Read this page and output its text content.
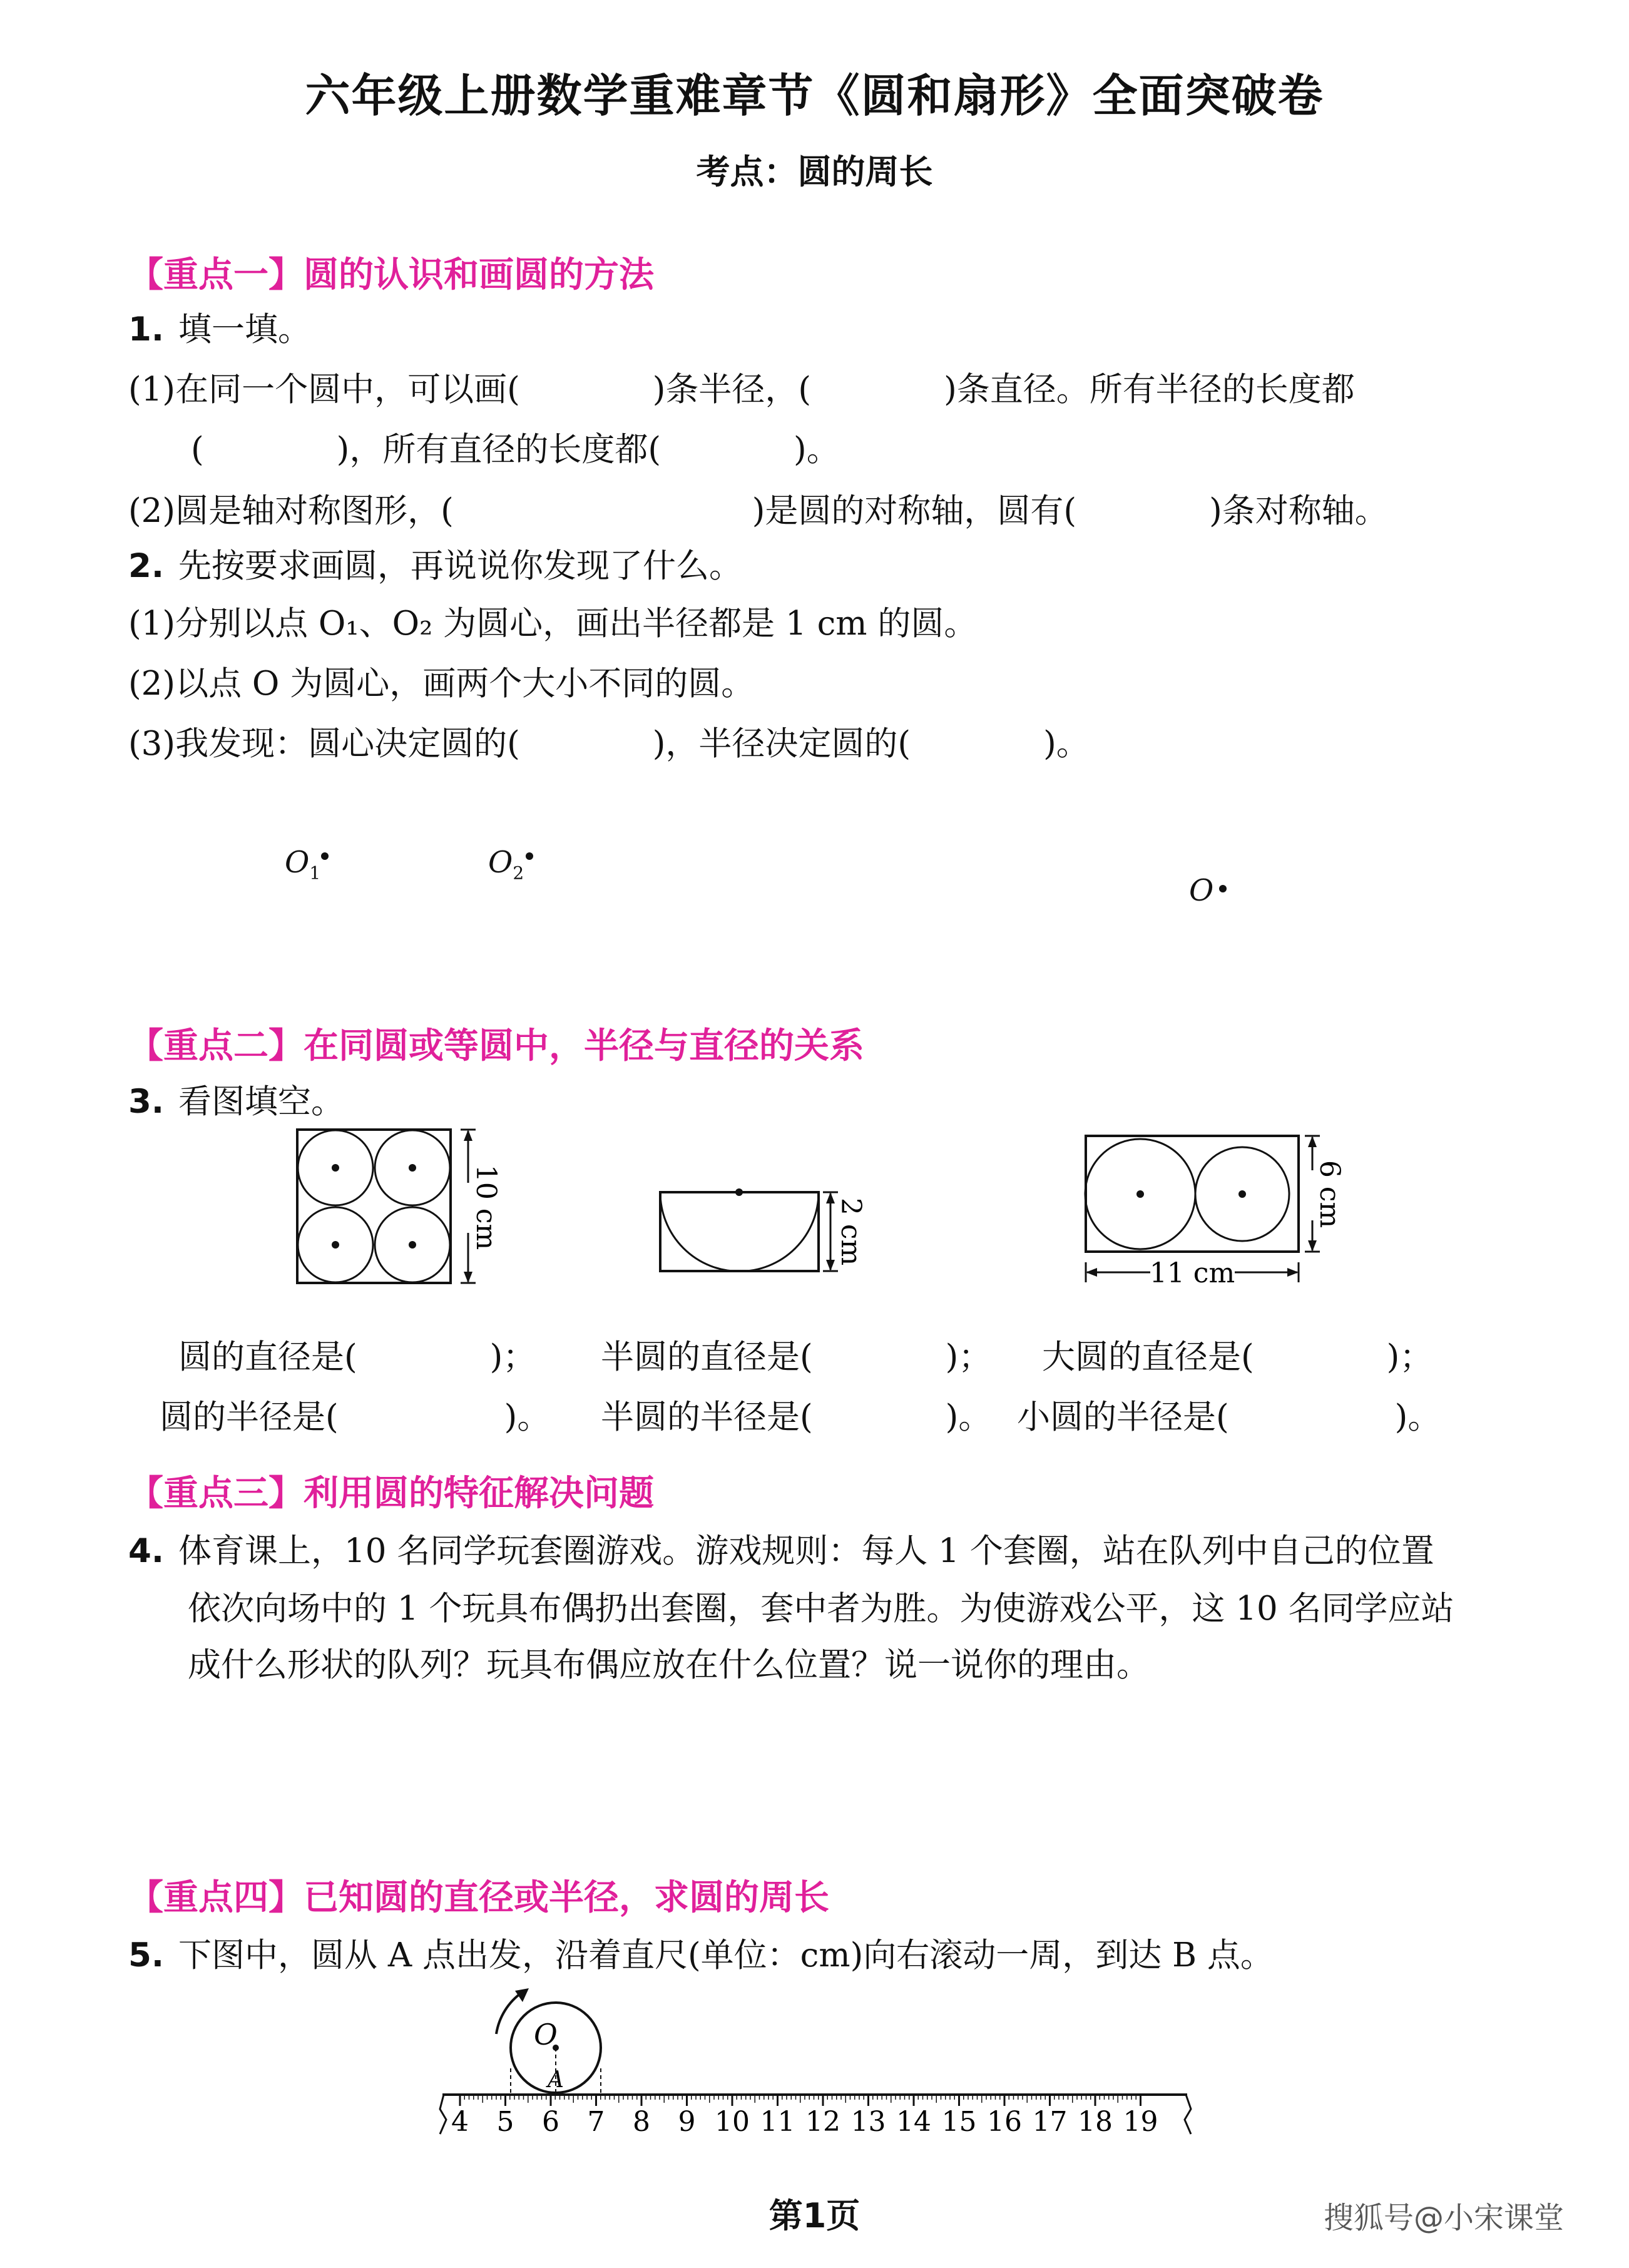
六年级上册数学重难章节《圆和扇形》全面突破卷
考点：圆的周长
【重点一】圆的认识和画圆的方法
1. 填一填。
(1)在同一个圆中，可以画(　　　　)条半径，(　　　　)条直径。所有半径的长度都
(　　　　)，所有直径的长度都(　　　　)。
(2)圆是轴对称图形，(　　　　　　　　　)是圆的对称轴，圆有(　　　　)条对称轴。
2. 先按要求画圆，再说说你发现了什么。
(1)分别以点 O₁、O₂ 为圆心，画出半径都是 1 cm 的圆。
(2)以点 O 为圆心，画两个大小不同的圆。
(3)我发现：圆心决定圆的(　　　　)，半径决定圆的(　　　　)。
$O_1$	$O_2$	O
【重点二】在同圆或等圆中，半径与直径的关系
3. 看图填空。
10 cm	2 cm
6 cm
11 cm
圆的直径是(　　　　)； 半圆的直径是(　　　　)； 大圆的直径是(　　　　)；
圆的半径是(　　　　　)。 半圆的半径是(　　　　)。 小圆的半径是(　　　　　)。
【重点三】利用圆的特征解决问题
4. 体育课上，10 名同学玩套圈游戏。游戏规则：每人 1 个套圈，站在队列中自己的位置
依次向场中的 1 个玩具布偶扔出套圈，套中者为胜。为使游戏公平，这 10 名同学应站
成什么形状的队列？玩具布偶应放在什么位置？说一说你的理由。
【重点四】已知圆的直径或半径，求圆的周长
5. 下图中，圆从 A 点出发，沿着直尺(单位：cm)向右滚动一周，到达 B 点。
O
A
4 5 6 7 8 9 10 11 12 13 14 15 16 17 18 19
第1页	搜狐号@小宋课堂
